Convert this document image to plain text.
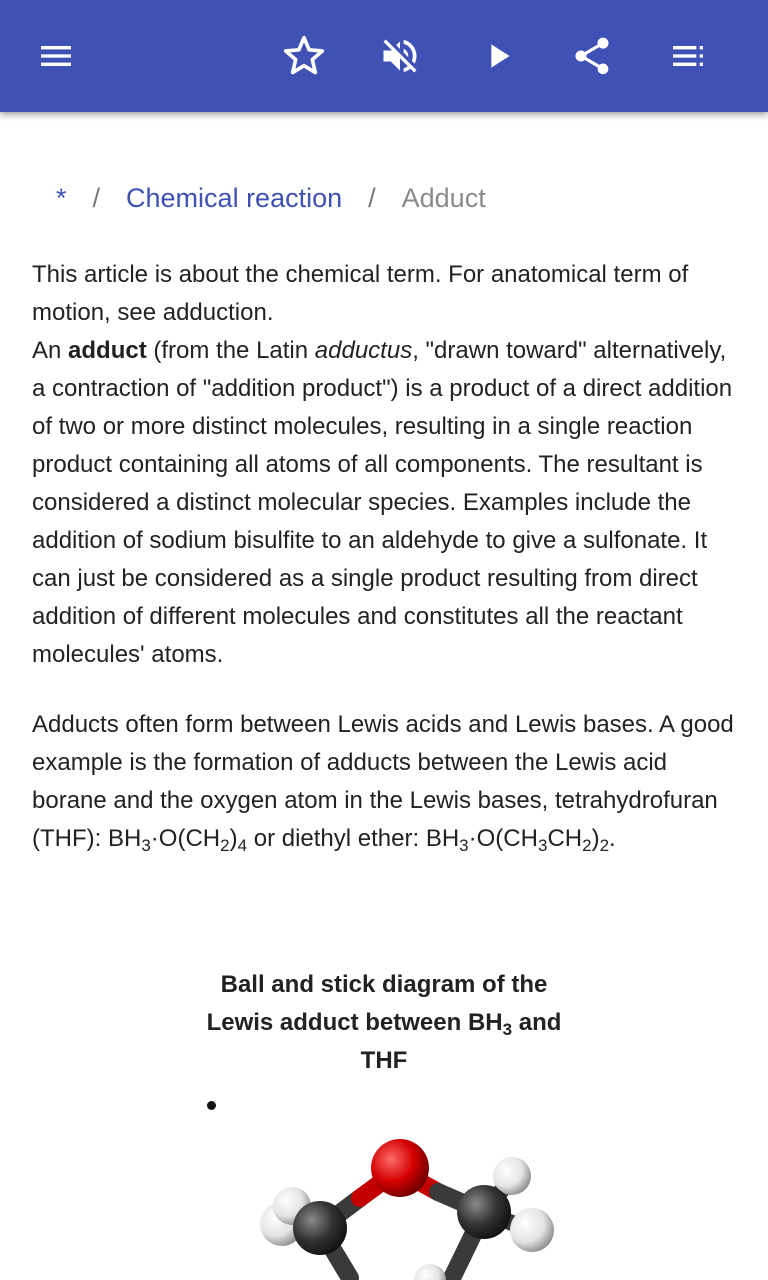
* / Chemical reaction / Adduct

This article is about the chemical term. For anatomical term of motion, see adduction.

An adduct (from the Latin adductus, "drawn toward" alternatively, a contraction of "addition product") is a product of a direct addition of two or more distinct molecules, resulting in a single reaction product containing all atoms of all components. The resultant is considered a distinct molecular species. Examples include the addition of sodium bisulfite to an aldehyde to give a sulfonate. It can just be considered as a single product resulting from direct addition of different molecules and constitutes all the reactant molecules' atoms.

Adducts often form between Lewis acids and Lewis bases. A good example is the formation of adducts between the Lewis acid borane and the oxygen atom in the Lewis bases, tetrahydrofuran (THF): $BH_3\cdot O(CH_2)_4$ or diethyl ether: $BH_3\cdot O(CH_3CH_2)_2$.

Ball and stick diagram of the Lewis adduct between $BH_3$ and THF
